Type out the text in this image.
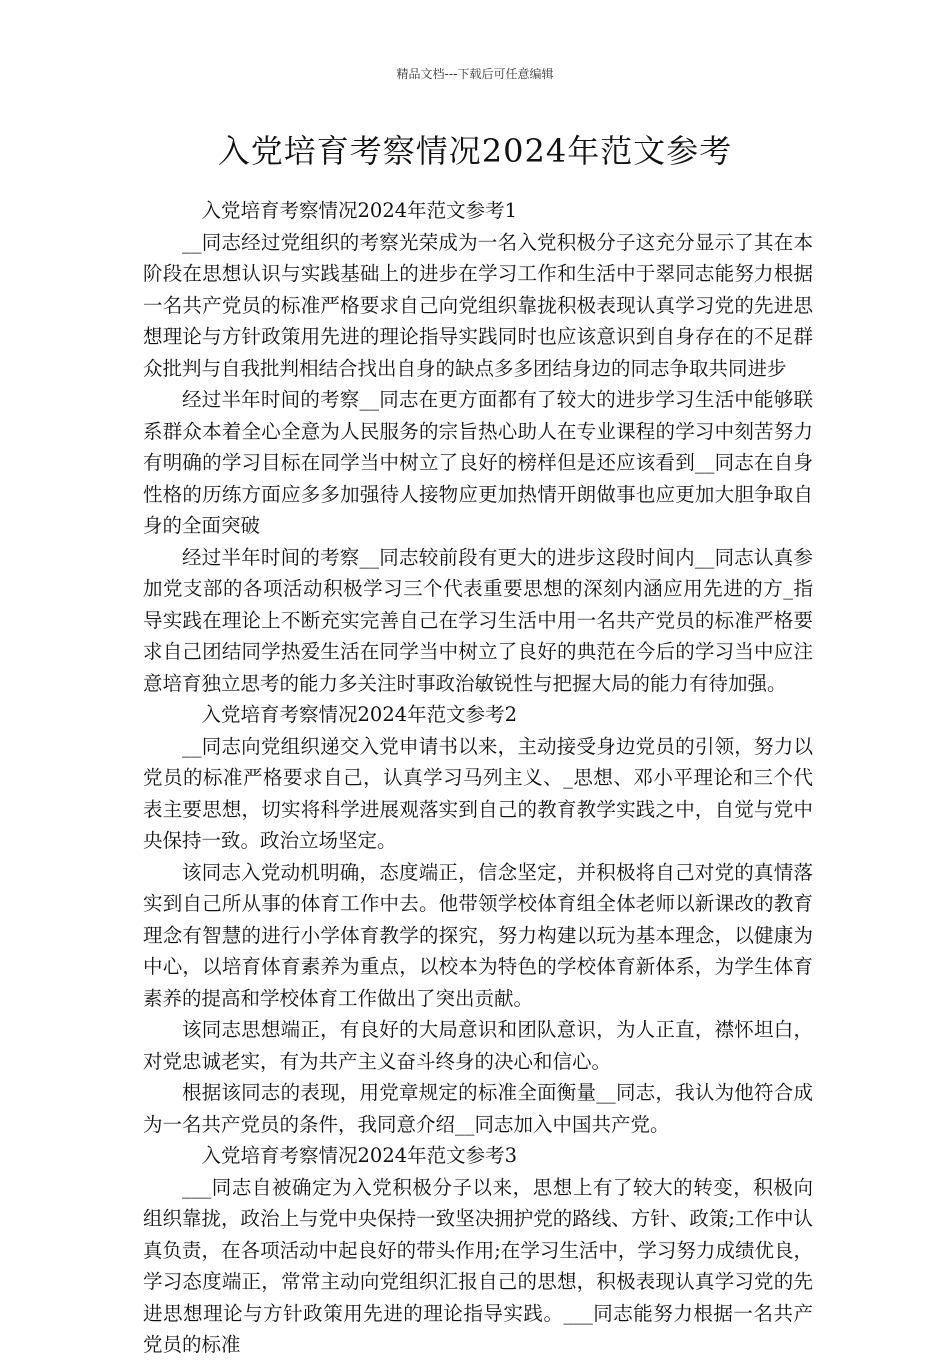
精品文档---下载后可任意编辑
入党培育考察情况2024年范文参考

入党培育考察情况2024年范文参考1

__同志经过党组织的考察光荣成为一名入党积极分子这充分显示了其在本阶段在思想认识与实践基础上的进步在学习工作和生活中于翠同志能努力根据一名共产党员的标准严格要求自己向党组织靠拢积极表现认真学习党的先进思想理论与方针政策用先进的理论指导实践同时也应该意识到自身存在的不足群众批判与自我批判相结合找出自身的缺点多多团结身边的同志争取共同进步

经过半年时间的考察__同志在更方面都有了较大的进步学习生活中能够联系群众本着全心全意为人民服务的宗旨热心助人在专业课程的学习中刻苦努力有明确的学习目标在同学当中树立了良好的榜样但是还应该看到__同志在自身性格的历练方面应多多加强待人接物应更加热情开朗做事也应更加大胆争取自身的全面突破

经过半年时间的考察__同志较前段有更大的进步这段时间内__同志认真参加党支部的各项活动积极学习三个代表重要思想的深刻内涵应用先进的方_指导实践在理论上不断充实完善自己在学习生活中用一名共产党员的标准严格要求自己团结同学热爱生活在同学当中树立了良好的典范在今后的学习当中应注意培育独立思考的能力多关注时事政治敏锐性与把握大局的能力有待加强。

入党培育考察情况2024年范文参考2

__同志向党组织递交入党申请书以来，主动接受身边党员的引领，努力以党员的标准严格要求自己，认真学习马列主义、_思想、邓小平理论和三个代表主要思想，切实将科学进展观落实到自己的教育教学实践之中，自觉与党中央保持一致。政治立场坚定。

该同志入党动机明确，态度端正，信念坚定，并积极将自己对党的真情落实到自己所从事的体育工作中去。他带领学校体育组全体老师以新课改的教育理念有智慧的进行小学体育教学的探究，努力构建以玩为基本理念，以健康为中心，以培育体育素养为重点，以校本为特色的学校体育新体系，为学生体育素养的提高和学校体育工作做出了突出贡献。

该同志思想端正，有良好的大局意识和团队意识，为人正直，襟怀坦白，对党忠诚老实，有为共产主义奋斗终身的决心和信心。

根据该同志的表现，用党章规定的标准全面衡量__同志，我认为他符合成为一名共产党员的条件，我同意介绍__同志加入中国共产党。

入党培育考察情况2024年范文参考3

___同志自被确定为入党积极分子以来，思想上有了较大的转变，积极向组织靠拢，政治上与党中央保持一致坚决拥护党的路线、方针、政策;工作中认真负责，在各项活动中起良好的带头作用;在学习生活中，学习努力成绩优良，学习态度端正，常常主动向党组织汇报自己的思想，积极表现认真学习党的先进思想理论与方针政策用先进的理论指导实践。___同志能努力根据一名共产党员的标准
